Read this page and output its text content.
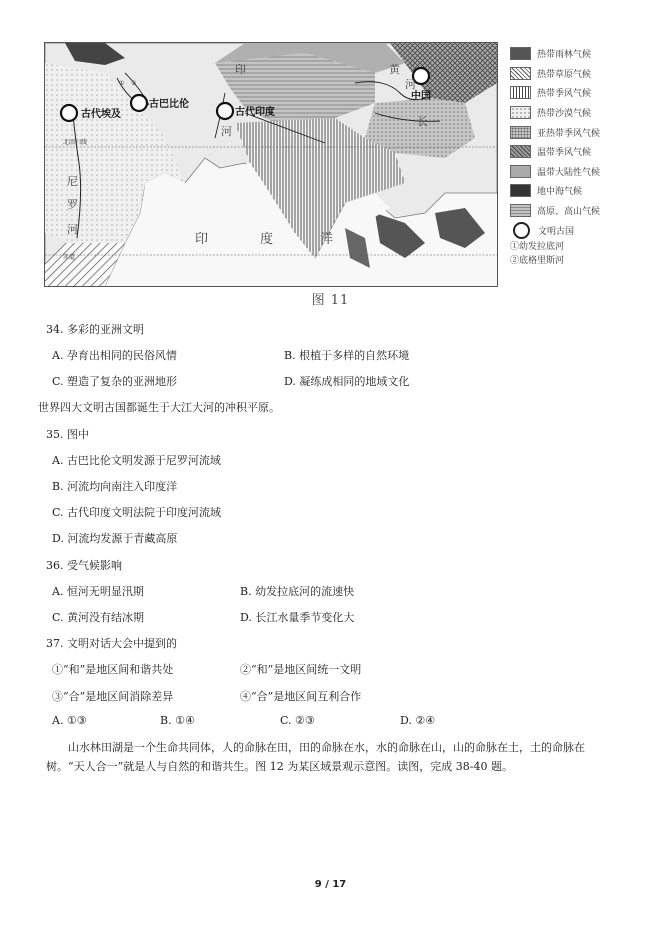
古代埃及
古巴比伦
古代印度
中国
① ②
北回归线
赤道
尼
罗
河
印
河
黄
河
长
印	度	洋
热带雨林气候
热带草原气候
热带季风气候
热带沙漠气候
亚热带季风气候
温带季风气候
温带大陆性气候
地中海气候
高原、高山气候
文明古国
①幼发拉底河
②底格里斯河
图 11
34. 多彩的亚洲文明
A. 孕育出相同的民俗风情	B. 根植于多样的自然环境
C. 塑造了复杂的亚洲地形	D. 凝练成相同的地域文化
世界四大文明古国都诞生于大江大河的冲积平原。
35. 图中
A. 古巴比伦文明发源于尼罗河流域
B. 河流均向南注入印度洋
C. 古代印度文明法院于印度河流域
D. 河流均发源于青藏高原
36. 受气候影响
A. 恒河无明显汛期	B. 幼发拉底河的流速快
C. 黄河没有结冰期	D. 长江水量季节变化大
37. 文明对话大会中提到的
①“和”是地区间和谐共处	②“和”是地区间统一文明
③“合”是地区间消除差异	④“合”是地区间互利合作
A. ①③	B. ①④	C. ②③	D. ②④
山水林田湖是一个生命共同体，人的命脉在田，田的命脉在水，水的命脉在山，山的命脉在土，土的命脉在树。“天人合一”就是人与自然的和谐共生。图 12 为某区域景观示意图。读图，完成 38-40 题。
9 / 17
